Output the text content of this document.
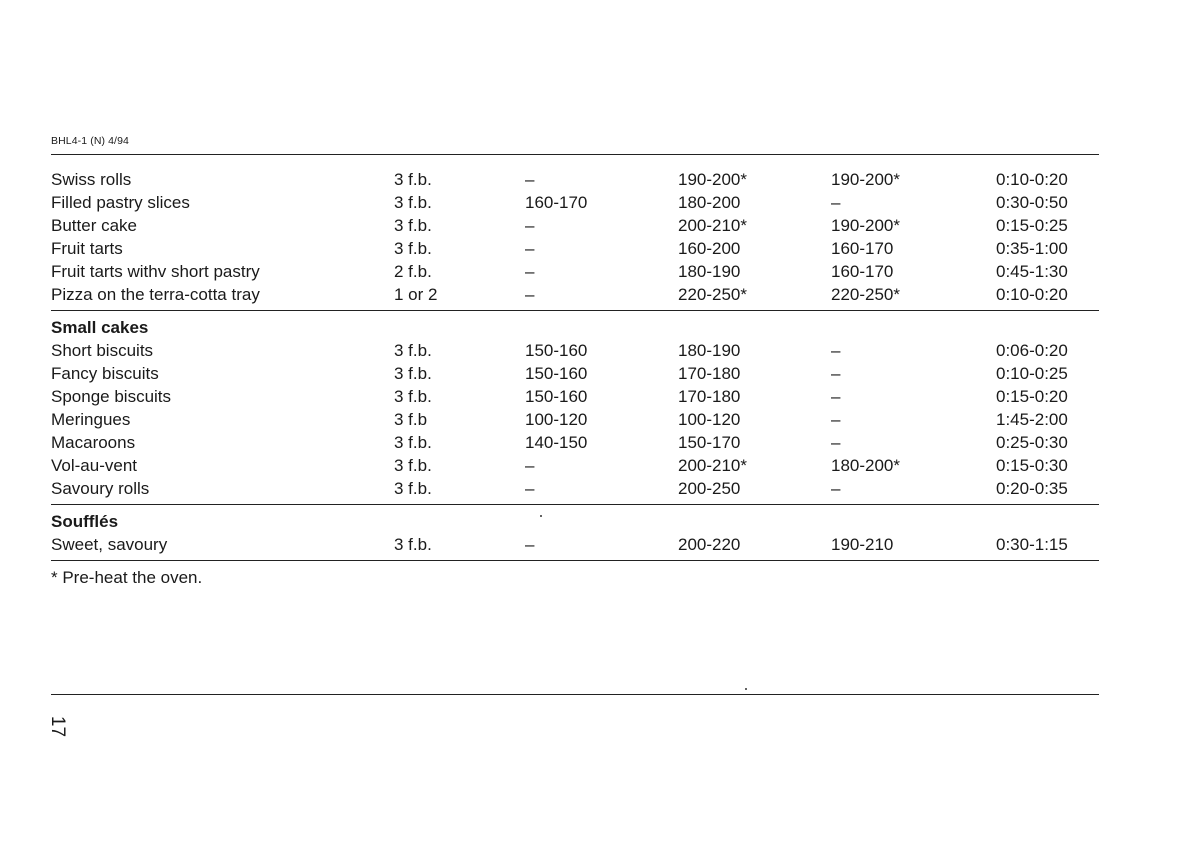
BHL4-1 (N) 4/94
Swiss rolls	3 f.b.	–	190-200*	190-200*	0:10-0:20
Filled pastry slices	3 f.b.	160-170	180-200	–	0:30-0:50
Butter cake	3 f.b.	–	200-210*	190-200*	0:15-0:25
Fruit tarts	3 f.b.	–	160-200	160-170	0:35-1:00
Fruit tarts withv short pastry	2 f.b.	–	180-190	160-170	0:45-1:30
Pizza on the terra-cotta tray	1 or 2	–	220-250*	220-250*	0:10-0:20
Small cakes
Short biscuits	3 f.b.	150-160	180-190	–	0:06-0:20
Fancy biscuits	3 f.b.	150-160	170-180	–	0:10-0:25
Sponge biscuits	3 f.b.	150-160	170-180	–	0:15-0:20
Meringues	3 f.b	100-120	100-120	–	1:45-2:00
Macaroons	3 f.b.	140-150	150-170	–	0:25-0:30
Vol-au-vent	3 f.b.	–	200-210*	180-200*	0:15-0:30
Savoury rolls	3 f.b.	–	200-250	–	0:20-0:35
Soufflés
Sweet, savoury	3 f.b.	–	200-220	190-210	0:30-1:15
* Pre-heat the oven.
17
